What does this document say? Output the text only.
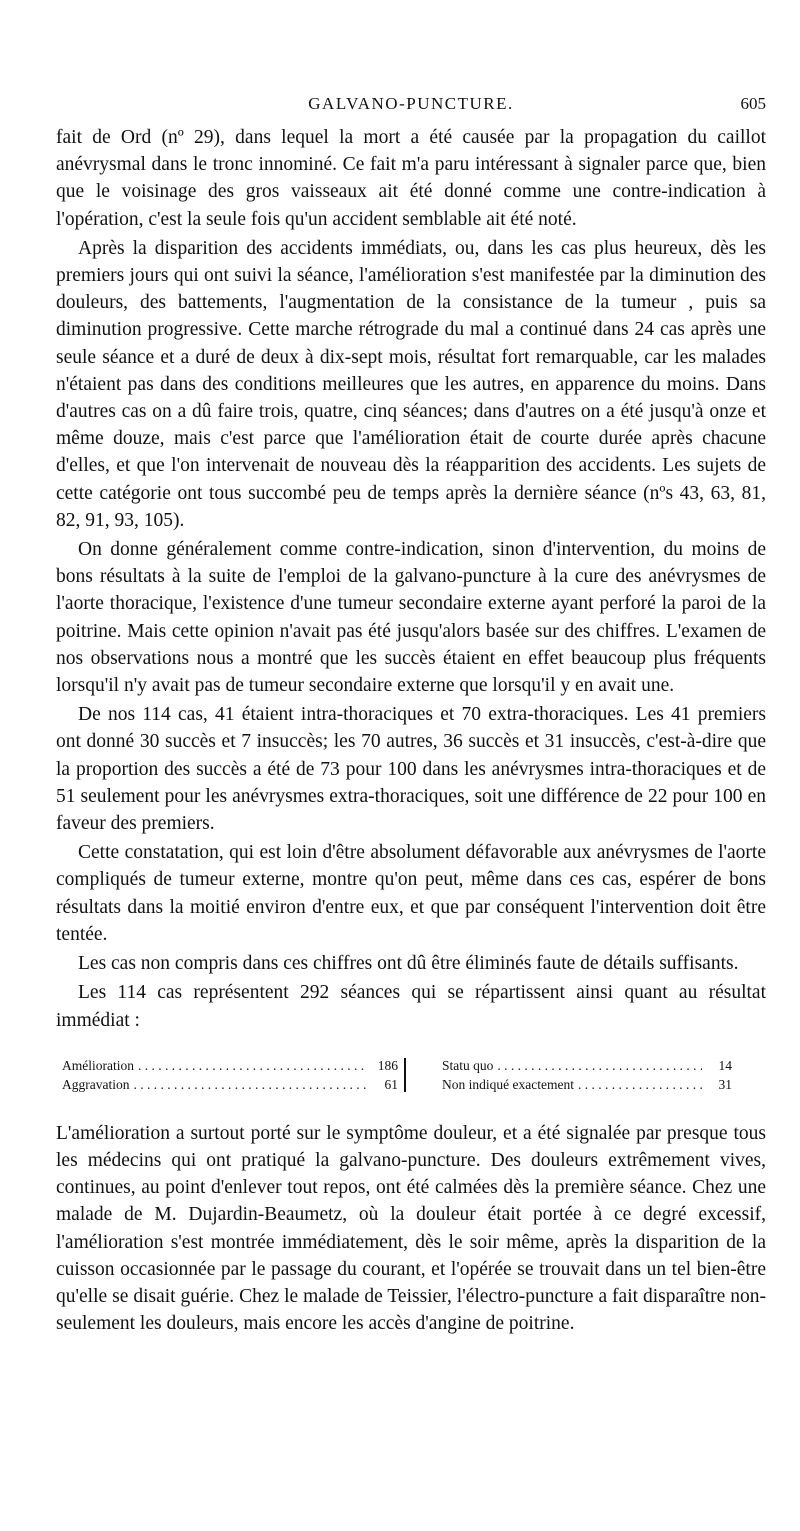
GALVANO-PUNCTURE.	605

fait de Ord (nº 29), dans lequel la mort a été causée par la propagation du caillot anévrysmal dans le tronc innominé. Ce fait m'a paru intéressant à signaler parce que, bien que le voisinage des gros vaisseaux ait été donné comme une contre-indication à l'opération, c'est la seule fois qu'un accident semblable ait été noté.

Après la disparition des accidents immédiats, ou, dans les cas plus heureux, dès les premiers jours qui ont suivi la séance, l'amélioration s'est manifestée par la diminution des douleurs, des battements, l'augmentation de la consistance de la tumeur , puis sa diminution progressive. Cette marche rétrograde du mal a continué dans 24 cas après une seule séance et a duré de deux à dix-sept mois, résultat fort remarquable, car les malades n'étaient pas dans des conditions meilleures que les autres, en apparence du moins. Dans d'autres cas on a dû faire trois, quatre, cinq séances; dans d'autres on a été jusqu'à onze et même douze, mais c'est parce que l'amélioration était de courte durée après chacune d'elles, et que l'on intervenait de nouveau dès la réapparition des accidents. Les sujets de cette catégorie ont tous succombé peu de temps après la dernière séance (nºs 43, 63, 81, 82, 91, 93, 105).

On donne généralement comme contre-indication, sinon d'intervention, du moins de bons résultats à la suite de l'emploi de la galvano-puncture à la cure des anévrysmes de l'aorte thoracique, l'existence d'une tumeur secondaire externe ayant perforé la paroi de la poitrine. Mais cette opinion n'avait pas été jusqu'alors basée sur des chiffres. L'examen de nos observations nous a montré que les succès étaient en effet beaucoup plus fréquents lorsqu'il n'y avait pas de tumeur secondaire externe que lorsqu'il y en avait une.

De nos 114 cas, 41 étaient intra-thoraciques et 70 extra-thoraciques. Les 41 premiers ont donné 30 succès et 7 insuccès; les 70 autres, 36 succès et 31 insuccès, c'est-à-dire que la proportion des succès a été de 73 pour 100 dans les anévrysmes intra-thoraciques et de 51 seulement pour les anévrysmes extra-thoraciques, soit une différence de 22 pour 100 en faveur des premiers.

Cette constatation, qui est loin d'être absolument défavorable aux anévrysmes de l'aorte compliqués de tumeur externe, montre qu'on peut, même dans ces cas, espérer de bons résultats dans la moitié environ d'entre eux, et que par conséquent l'intervention doit être tentée.

Les cas non compris dans ces chiffres ont dû être éliminés faute de détails suffisants.

Les 114 cas représentent 292 séances qui se répartissent ainsi quant au résultat immédiat :

Amélioration . . .	186
Aggravation . . .	61
Statu quo . . .	14
Non indiqué exactement . . .	31

L'amélioration a surtout porté sur le symptôme douleur, et a été signalée par presque tous les médecins qui ont pratiqué la galvano-puncture. Des douleurs extrêmement vives, continues, au point d'enlever tout repos, ont été calmées dès la première séance. Chez une malade de M. Dujardin-Beaumetz, où la douleur était portée à ce degré excessif, l'amélioration s'est montrée immédiatement, dès le soir même, après la disparition de la cuisson occasionnée par le passage du courant, et l'opérée se trouvait dans un tel bien-être qu'elle se disait guérie. Chez le malade de Teissier, l'électro-puncture a fait disparaître non-seulement les douleurs, mais encore les accès d'angine de poitrine.
